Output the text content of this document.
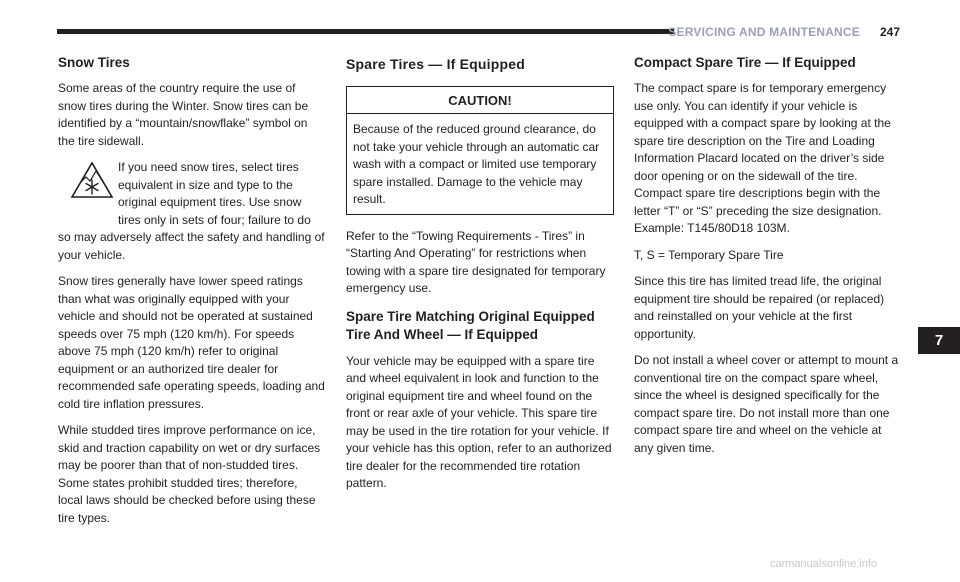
SERVICING AND MAINTENANCE 247
7
Snow Tires

Some areas of the country require the use of snow tires during the Winter. Snow tires can be identified by a “mountain/snowflake” symbol on the tire sidewall.

If you need snow tires, select tires equivalent in size and type to the original equipment tires. Use snow tires only in sets of four; failure to do

so may adversely affect the safety and handling of your vehicle.

Snow tires generally have lower speed ratings than what was originally equipped with your vehicle and should not be operated at sustained speeds over 75 mph (120 km/h). For speeds above 75 mph (120 km/h) refer to original equipment or an authorized tire dealer for recommended safe operating speeds, loading and cold tire inflation pressures.

While studded tires improve performance on ice, skid and traction capability on wet or dry surfaces may be poorer than that of non-studded tires. Some states prohibit studded tires; therefore, local laws should be checked before using these tire types.

Spare Tires — If Equipped
CAUTION!
Because of the reduced ground clearance, do not take your vehicle through an automatic car wash with a compact or limited use temporary spare installed. Damage to the vehicle may result.

Refer to the “Towing Requirements - Tires” in “Starting And Operating” for restrictions when towing with a spare tire designated for temporary emergency use.

Spare Tire Matching Original Equipped Tire And Wheel — If Equipped

Your vehicle may be equipped with a spare tire and wheel equivalent in look and function to the original equipment tire and wheel found on the front or rear axle of your vehicle. This spare tire may be used in the tire rotation for your vehicle. If your vehicle has this option, refer to an authorized tire dealer for the recommended tire rotation pattern.

Compact Spare Tire — If Equipped

The compact spare is for temporary emergency use only. You can identify if your vehicle is equipped with a compact spare by looking at the spare tire description on the Tire and Loading Information Placard located on the driver’s side door opening or on the sidewall of the tire. Compact spare tire descriptions begin with the letter “T” or “S” preceding the size designation. Example: T145/80D18 103M.

T, S = Temporary Spare Tire

Since this tire has limited tread life, the original equipment tire should be repaired (or replaced) and reinstalled on your vehicle at the first opportunity.

Do not install a wheel cover or attempt to mount a conventional tire on the compact spare wheel, since the wheel is designed specifically for the compact spare tire. Do not install more than one compact spare tire and wheel on the vehicle at any given time.

carmanualsonline.info
